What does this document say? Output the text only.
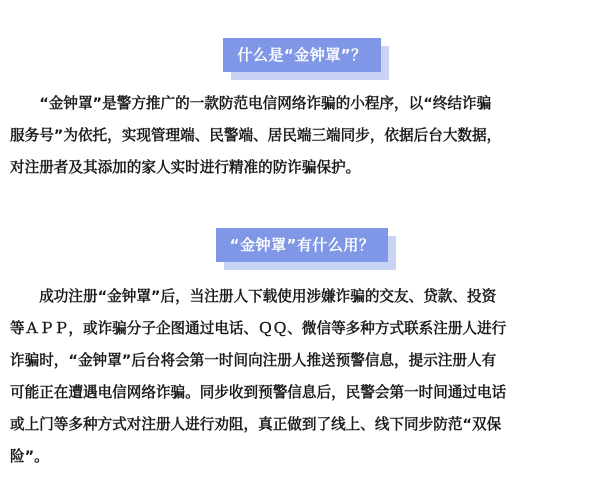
什么是“金钟罩”？
　　“金钟罩”是警方推广的一款防范电信网络诈骗的小程序，以“终结诈骗
服务号”为依托，实现管理端、民警端、居民端三端同步，依据后台大数据，
对注册者及其添加的家人实时进行精准的防诈骗保护。
“金钟罩”有什么用？
　　成功注册“金钟罩”后，当注册人下载使用涉嫌诈骗的交友、贷款、投资
等ＡＰＰ，或诈骗分子企图通过电话、ＱＱ、微信等多种方式联系注册人进行
诈骗时，“金钟罩”后台将会第一时间向注册人推送预警信息，提示注册人有
可能正在遭遇电信网络诈骗。同步收到预警信息后，民警会第一时间通过电话
或上门等多种方式对注册人进行劝阻，真正做到了线上、线下同步防范“双保
险”。
